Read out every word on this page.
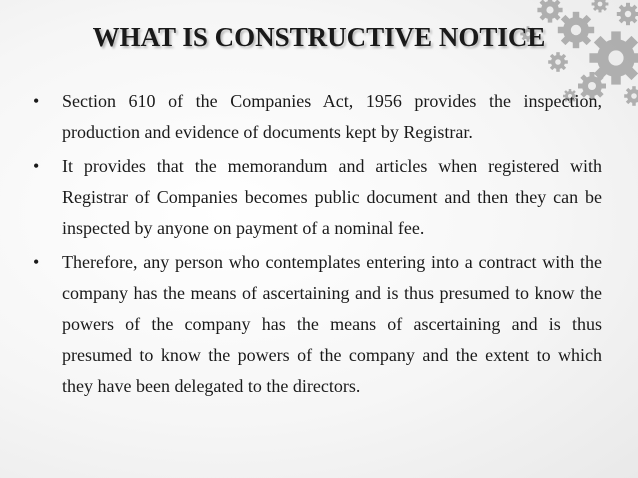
WHAT IS CONSTRUCTIVE NOTICE
• Section 610 of the Companies Act, 1956 provides the inspection, production and evidence of documents kept by Registrar.
• It provides that the memorandum and articles when registered with Registrar of Companies becomes public document and then they can be inspected by anyone on payment of a nominal fee.
• Therefore, any person who contemplates entering into a contract with the company has the means of ascertaining and is thus presumed to know the powers of the company has the means of ascertaining and is thus presumed to know the powers of the company and the extent to which they have been delegated to the directors.
